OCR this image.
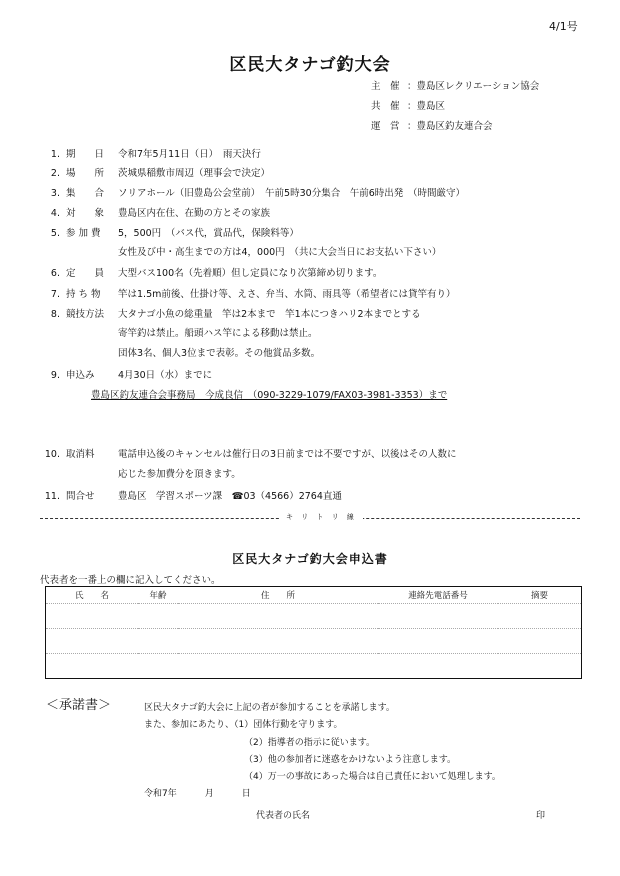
4/1号
区民大タナゴ釣大会
主　催 ：豊島区レクリエーション協会
共　催 ：豊島区
運　営 ：豊島区釣友連合会
1. 期　　日 令和7年5月11日（日）　雨天決行
2. 場　　所 茨城県稲敷市周辺（理事会で決定）
3. 集　　合 ソリアホール（旧豊島公会堂前）　午前5時30分集合　午前6時出発　（時間厳守）
4. 対　　象 豊島区内在住、在勤の方とその家族
5. 参 加 費 5，500円　（バス代，賞品代，保険料等）
女性及び中・高生までの方は4，000円　（共に大会当日にお支払い下さい）
6. 定　　員 大型バス100名（先着順）但し定員になり次第締め切ります。
7. 持 ち 物 竿は1.5m前後、仕掛け等、えさ、弁当、水筒、雨具等（希望者には貸竿有り）
8. 競技方法 大タナゴ小魚の総重量　竿は2本まで　竿1本につきハリ2本までとする
寄竿釣は禁止。船頭ハス竿による移動は禁止。
団体3名、個人3位まで表彰。その他賞品多数。
9. 申込み 4月30日（水）までに
豊島区釣友連合会事務局　今成良信　（090-3229-1079/FAX03-3981-3353）まで
10. 取消料 電話申込後のキャンセルは催行日の3日前までは不要ですが、以後はその人数に
応じた参加費分を頂きます。
11. 問合せ 豊島区　学習スポーツ課　☎03（4566）2764直通
キ リ ト リ 線
区民大タナゴ釣大会申込書
代表者を一番上の欄に記入してください。
氏　　名	年齢	住　　所	連絡先電話番号	摘要

＜承諾書＞	区民大タナゴ釣大会に上記の者が参加することを承諾します。
また、参加にあたり、（1）団体行動を守ります。
（2）指導者の指示に従います。
（3）他の参加者に迷惑をかけないよう注意します。
（4）万一の事故にあった場合は自己責任において処理します。
令和7年	月	日
代表者の氏名	印
